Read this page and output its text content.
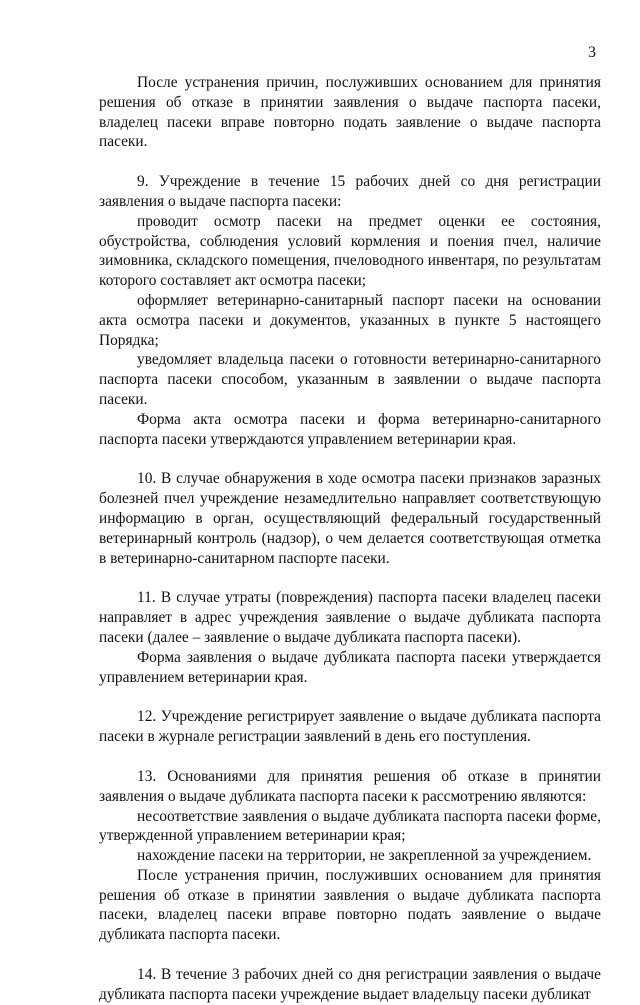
3

После устранения причин, послуживших основанием для принятия решения об отказе в принятии заявления о выдаче паспорта пасеки, владелец пасеки вправе повторно подать заявление о выдаче паспорта пасеки.

9. Учреждение в течение 15 рабочих дней со дня регистрации заявления о выдаче паспорта пасеки:

проводит осмотр пасеки на предмет оценки ее состояния, обустройства, соблюдения условий кормления и поения пчел, наличие зимовника, складского помещения, пчеловодного инвентаря, по результатам которого составляет акт осмотра пасеки;

оформляет ветеринарно-санитарный паспорт пасеки на основании акта осмотра пасеки и документов, указанных в пункте 5 настоящего Порядка;

уведомляет владельца пасеки о готовности ветеринарно-санитарного паспорта пасеки способом, указанным в заявлении о выдаче паспорта пасеки.

Форма акта осмотра пасеки и форма ветеринарно-санитарного паспорта пасеки утверждаются управлением ветеринарии края.

10. В случае обнаружения в ходе осмотра пасеки признаков заразных болезней пчел учреждение незамедлительно направляет соответствующую информацию в орган, осуществляющий федеральный государственный ветеринарный контроль (надзор), о чем делается соответствующая отметка в ветеринарно-санитарном паспорте пасеки.

11. В случае утраты (повреждения) паспорта пасеки владелец пасеки направляет в адрес учреждения заявление о выдаче дубликата паспорта пасеки (далее – заявление о выдаче дубликата паспорта пасеки).

Форма заявления о выдаче дубликата паспорта пасеки утверждается управлением ветеринарии края.

12. Учреждение регистрирует заявление о выдаче дубликата паспорта пасеки в журнале регистрации заявлений в день его поступления.

13. Основаниями для принятия решения об отказе в принятии заявления о выдаче дубликата паспорта пасеки к рассмотрению являются:

несоответствие заявления о выдаче дубликата паспорта пасеки форме, утвержденной управлением ветеринарии края;

нахождение пасеки на территории, не закрепленной за учреждением.

После устранения причин, послуживших основанием для принятия решения об отказе в принятии заявления о выдаче дубликата паспорта пасеки, владелец пасеки вправе повторно подать заявление о выдаче дубликата паспорта пасеки.

14. В течение 3 рабочих дней со дня регистрации заявления о выдаче дубликата паспорта пасеки учреждение выдает владельцу пасеки дубликат
